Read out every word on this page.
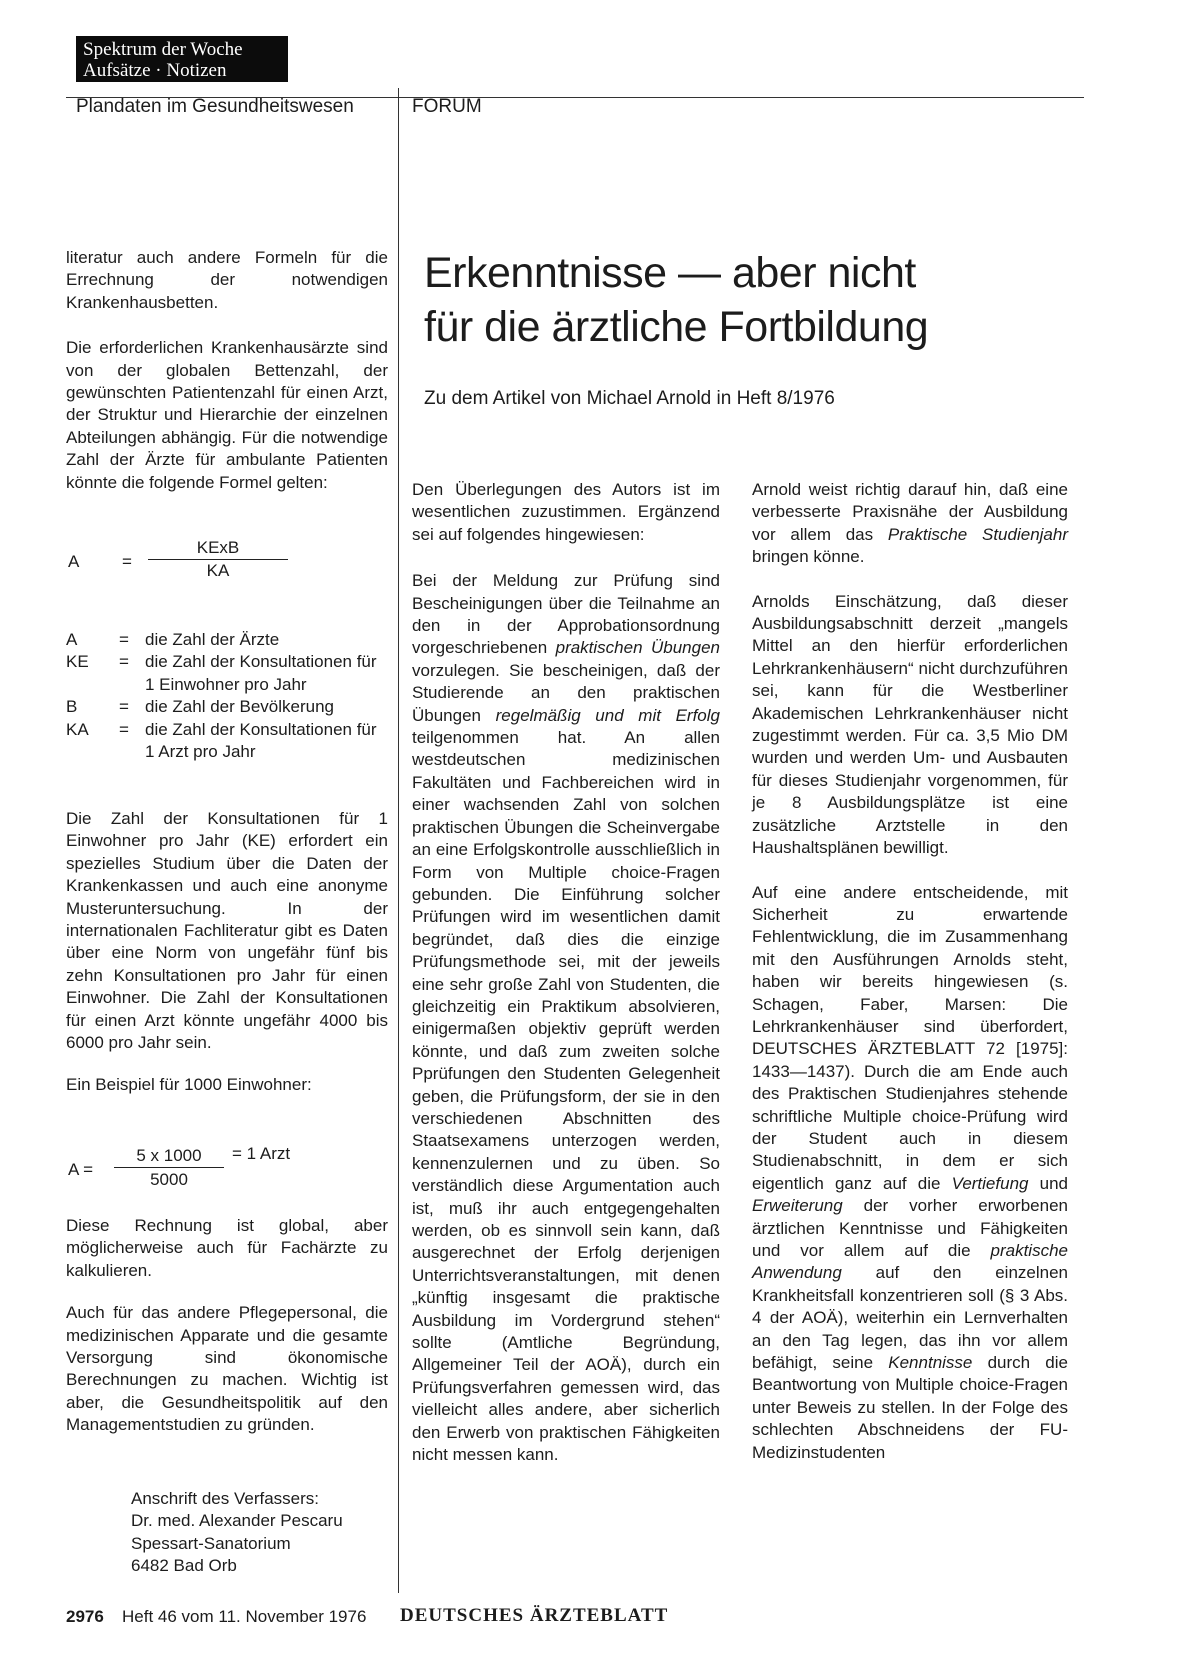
Spektrum der Woche
Aufsätze · Notizen
Plandaten im Gesundheitswesen	FORUM

literatur auch andere Formeln für die Errechnung der notwendigen Krankenhausbetten.

Die erforderlichen Krankenhausärzte sind von der globalen Bettenzahl, der gewünschten Patientenzahl für einen Arzt, der Struktur und Hierarchie der einzelnen Abteilungen abhängig. Für die notwendige Zahl der Ärzte für ambulante Patienten könnte die folgende Formel gelten:

A	=
KExB
KA
A	=	die Zahl der Ärzte
KE	=	die Zahl der Konsultationen für 1 Einwohner pro Jahr
B	=	die Zahl der Bevölkerung
KA	=	die Zahl der Konsultationen für 1 Arzt pro Jahr

Die Zahl der Konsultationen für 1 Einwohner pro Jahr (KE) erfordert ein spezielles Studium über die Daten der Krankenkassen und auch eine anonyme Musteruntersuchung. In der internationalen Fachliteratur gibt es Daten über eine Norm von ungefähr fünf bis zehn Konsultationen pro Jahr für einen Einwohner. Die Zahl der Konsultationen für einen Arzt könnte ungefähr 4000 bis 6000 pro Jahr sein.

Ein Beispiel für 1000 Einwohner:

$A = \frac{5 x 1000}{5000} = 1$ Arzt

Diese Rechnung ist global, aber möglicherweise auch für Fachärzte zu kalkulieren.

Auch für das andere Pflegepersonal, die medizinischen Apparate und die gesamte Versorgung sind ökonomische Berechnungen zu machen. Wichtig ist aber, die Gesundheitspolitik auf den Managementstudien zu gründen.

Anschrift des Verfassers:
Dr. med. Alexander Pescaru
Spessart-Sanatorium
6482 Bad Orb
Erkenntnisse — aber nicht
für die ärztliche Fortbildung
Zu dem Artikel von Michael Arnold in Heft 8/1976

Den Überlegungen des Autors ist im wesentlichen zuzustimmen. Ergänzend sei auf folgendes hingewiesen:

Bei der Meldung zur Prüfung sind Bescheinigungen über die Teilnahme an den in der Approbationsordnung vorgeschriebenen praktischen Übungen vorzulegen. Sie bescheinigen, daß der Studierende an den praktischen Übungen regelmäßig und mit Erfolg teilgenommen hat. An allen westdeutschen medizinischen Fakultäten und Fachbereichen wird in einer wachsenden Zahl von solchen praktischen Übungen die Scheinvergabe an eine Erfolgskontrolle ausschließlich in Form von Multiple choice-Fragen gebunden. Die Einführung solcher Prüfungen wird im wesentlichen damit begründet, daß dies die einzige Prüfungsmethode sei, mit der jeweils eine sehr große Zahl von Studenten, die gleichzeitig ein Praktikum absolvieren, einigermaßen objektiv geprüft werden könnte, und daß zum zweiten solche Pprüfungen den Studenten Gelegenheit geben, die Prüfungsform, der sie in den verschiedenen Abschnitten des Staatsexamens unterzogen werden, kennenzulernen und zu üben. So verständlich diese Argumentation auch ist, muß ihr auch entgegengehalten werden, ob es sinnvoll sein kann, daß ausgerechnet der Erfolg derjenigen Unterrichtsveranstaltungen, mit denen „künftig insgesamt die praktische Ausbildung im Vordergrund stehen“ sollte (Amtliche Begründung, Allgemeiner Teil der AOÄ), durch ein Prüfungsverfahren gemessen wird, das vielleicht alles andere, aber sicherlich den Erwerb von praktischen Fähigkeiten nicht messen kann.

Arnold weist richtig darauf hin, daß eine verbesserte Praxisnähe der Ausbildung vor allem das Praktische Studienjahr bringen könne.

Arnolds Einschätzung, daß dieser Ausbildungsabschnitt derzeit „mangels Mittel an den hierfür erforderlichen Lehrkrankenhäusern“ nicht durchzuführen sei, kann für die Westberliner Akademischen Lehrkrankenhäuser nicht zugestimmt werden. Für ca. 3,5 Mio DM wurden und werden Um- und Ausbauten für dieses Studienjahr vorgenommen, für je 8 Ausbildungsplätze ist eine zusätzliche Arztstelle in den Haushaltsplänen bewilligt.

Auf eine andere entscheidende, mit Sicherheit zu erwartende Fehlentwicklung, die im Zusammenhang mit den Ausführungen Arnolds steht, haben wir bereits hingewiesen (s. Schagen, Faber, Marsen: Die Lehrkrankenhäuser sind überfordert, DEUTSCHES ÄRZTEBLATT 72 [1975]: 1433—1437). Durch die am Ende auch des Praktischen Studienjahres stehende schriftliche Multiple choice-Prüfung wird der Student auch in diesem Studienabschnitt, in dem er sich eigentlich ganz auf die Vertiefung und Erweiterung der vorher erworbenen ärztlichen Kenntnisse und Fähigkeiten und vor allem auf die praktische Anwendung auf den einzelnen Krankheitsfall konzentrieren soll (§ 3 Abs. 4 der AOÄ), weiterhin ein Lernverhalten an den Tag legen, das ihn vor allem befähigt, seine Kenntnisse durch die Beantwortung von Multiple choice-Fragen unter Beweis zu stellen. In der Folge des schlechten Abschneidens der FU-Medizinstudenten

2976 Heft 46 vom 11. November 1976 DEUTSCHES ÄRZTEBLATT
